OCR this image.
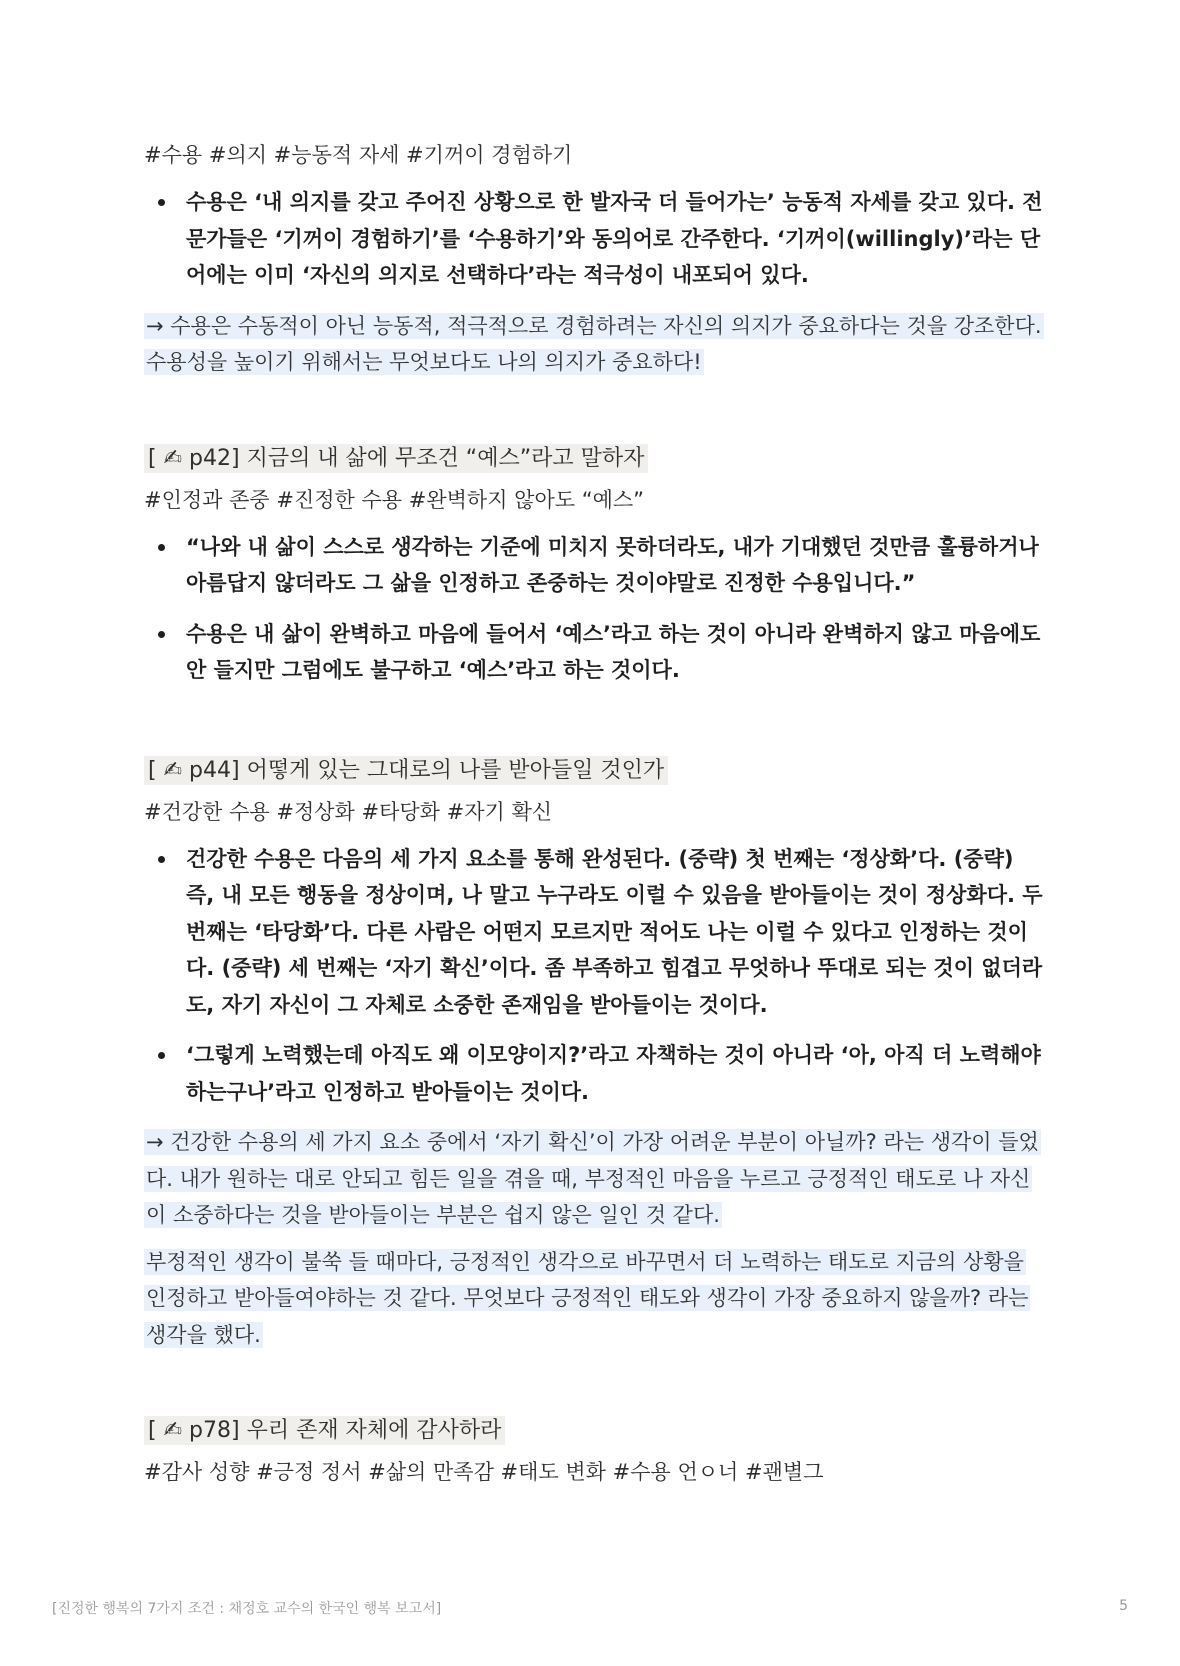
#수용 #의지 #능동적 자세 #기꺼이 경험하기
수용은 ‘내 의지를 갖고 주어진 상황으로 한 발자국 더 들어가는’ 능동적 자세를 갖고 있다. 전문가들은 ‘기꺼이 경험하기’를 ‘수용하기’와 동의어로 간주한다. ‘기꺼이(willingly)’라는 단어에는 이미 ‘자신의 의지로 선택하다’라는 적극성이 내포되어 있다.
→ 수용은 수동적이 아닌 능동적, 적극적으로 경험하려는 자신의 의지가 중요하다는 것을 강조한다. 수용성을 높이기 위해서는 무엇보다도 나의 의지가 중요하다!
[ ✍ p42] 지금의 내 삶에 무조건 “예스”라고 말하자
#인정과 존중 #진정한 수용 #완벽하지 않아도 “예스”
“나와 내 삶이 스스로 생각하는 기준에 미치지 못하더라도, 내가 기대했던 것만큼 훌륭하거나 아름답지 않더라도 그 삶을 인정하고 존중하는 것이야말로 진정한 수용입니다.”
수용은 내 삶이 완벽하고 마음에 들어서 ‘예스’라고 하는 것이 아니라 완벽하지 않고 마음에도 안 들지만 그럼에도 불구하고 ‘예스’라고 하는 것이다.
[ ✍ p44] 어떻게 있는 그대로의 나를 받아들일 것인가
#건강한 수용 #정상화 #타당화 #자기 확신
건강한 수용은 다음의 세 가지 요소를 통해 완성된다. (중략) 첫 번째는 ‘정상화’다. (중략) 즉, 내 모든 행동을 정상이며, 나 말고 누구라도 이럴 수 있음을 받아들이는 것이 정상화다. 두 번째는 ‘타당화’다. 다른 사람은 어떤지 모르지만 적어도 나는 이럴 수 있다고 인정하는 것이다. (중략) 세 번째는 ‘자기 확신’이다. 좀 부족하고 힘겹고 무엇하나 뚜대로 되는 것이 없더라도, 자기 자신이 그 자체로 소중한 존재임을 받아들이는 것이다.
‘그렇게 노력했는데 아직도 왜 이모양이지?’라고 자책하는 것이 아니라 ‘아, 아직 더 노력해야 하는구나’라고 인정하고 받아들이는 것이다.
→ 건강한 수용의 세 가지 요소 중에서 ‘자기 확신’이 가장 어려운 부분이 아닐까? 라는 생각이 들었다. 내가 원하는 대로 안되고 힘든 일을 겪을 때, 부정적인 마음을 누르고 긍정적인 태도로 나 자신이 소중하다는 것을 받아들이는 부분은 쉽지 않은 일인 것 같다.
부정적인 생각이 불쑥 들 때마다, 긍정적인 생각으로 바꾸면서 더 노력하는 태도로 지금의 상황을 인정하고 받아들여야하는 것 같다. 무엇보다 긍정적인 태도와 생각이 가장 중요하지 않을까? 라는 생각을 했다.
[ ✍ p78] 우리 존재 자체에 감사하라
#감사 성향 #긍정 정서 #삶의 만족감 #태도 변화 #수용 언ㅇ너 #괜별그
[진정한 행복의 7가지 조건 : 채정호 교수의 한국인 행복 보고서]	5
